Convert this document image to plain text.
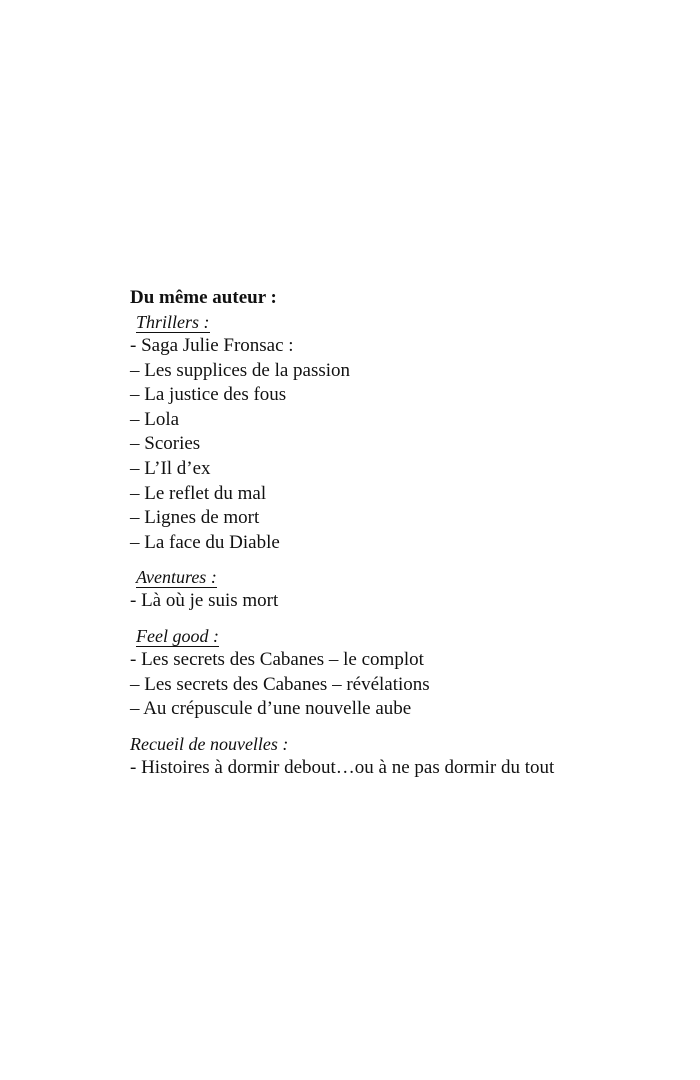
Du même auteur :
Thrillers :
- Saga Julie Fronsac :
– Les supplices de la passion
– La justice des fous
– Lola
– Scories
– L’Il d’ex
– Le reflet du mal
– Lignes de mort
– La face du Diable
Aventures :
- Là où je suis mort
Feel good :
- Les secrets des Cabanes – le complot
– Les secrets des Cabanes – révélations
– Au crépuscule d’une nouvelle aube
Recueil de nouvelles :
- Histoires à dormir debout…ou à ne pas dormir du tout
